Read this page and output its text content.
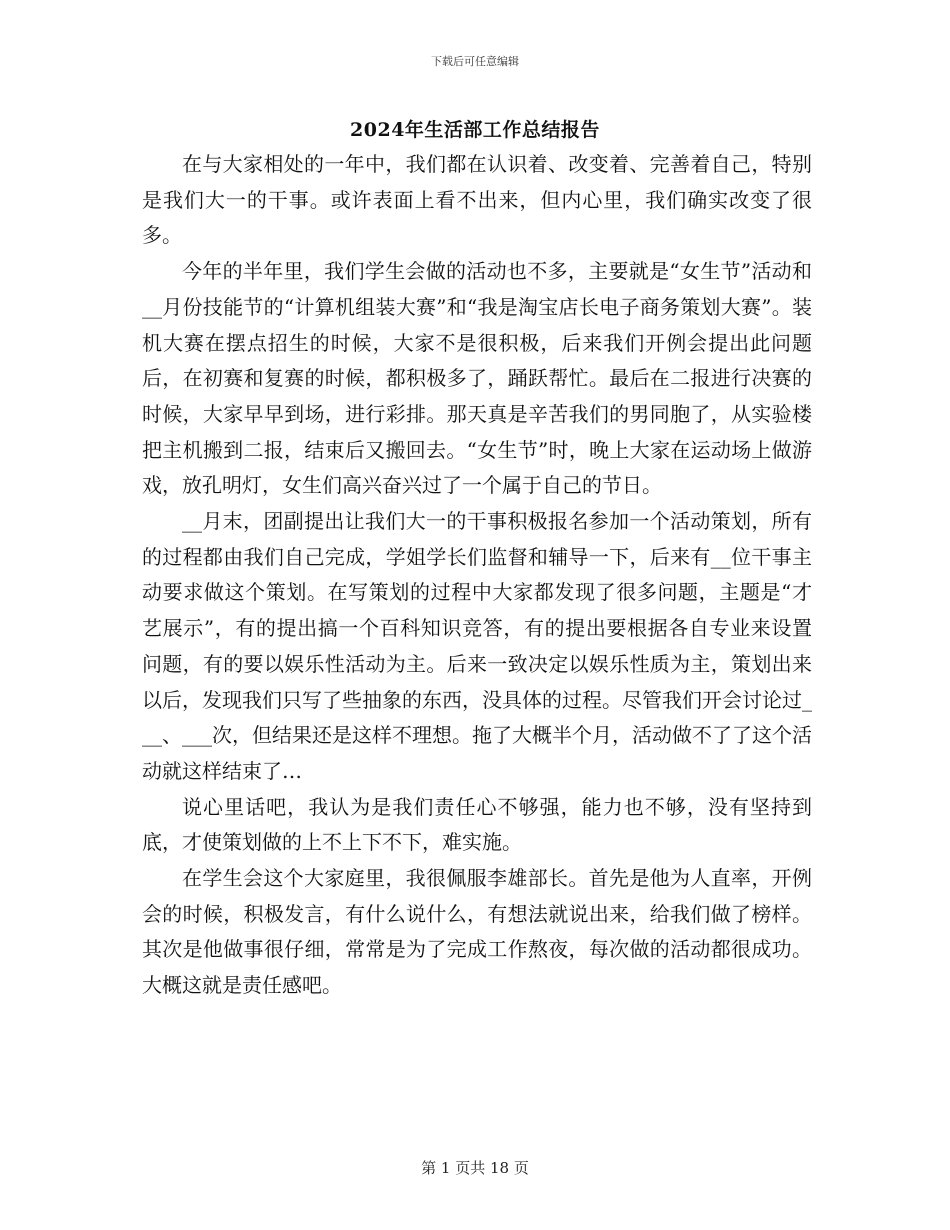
下载后可任意编辑
2024年生活部工作总结报告

在与大家相处的一年中，我们都在认识着、改变着、完善着自己，特别是我们大一的干事。或许表面上看不出来，但内心里，我们确实改变了很多。

今年的半年里，我们学生会做的活动也不多，主要就是“女生节”活动和__月份技能节的“计算机组装大赛”和“我是淘宝店长电子商务策划大赛”。装机大赛在摆点招生的时候，大家不是很积极，后来我们开例会提出此问题后，在初赛和复赛的时候，都积极多了，踊跃帮忙。最后在二报进行决赛的时候，大家早早到场，进行彩排。那天真是辛苦我们的男同胞了，从实验楼把主机搬到二报，结束后又搬回去。“女生节”时，晚上大家在运动场上做游戏，放孔明灯，女生们高兴奋兴过了一个属于自己的节日。

__月末，团副提出让我们大一的干事积极报名参加一个活动策划，所有的过程都由我们自己完成，学姐学长们监督和辅导一下，后来有__位干事主动要求做这个策划。在写策划的过程中大家都发现了很多问题，主题是“才艺展示”，有的提出搞一个百科知识竞答，有的提出要根据各自专业来设置问题，有的要以娱乐性活动为主。后来一致决定以娱乐性质为主，策划出来以后，发现我们只写了些抽象的东西，没具体的过程。尽管我们开会讨论过___、___次，但结果还是这样不理想。拖了大概半个月，活动做不了了这个活动就这样结束了…

说心里话吧，我认为是我们责任心不够强，能力也不够，没有坚持到底，才使策划做的上不上下不下，难实施。

在学生会这个大家庭里，我很佩服李雄部长。首先是他为人直率，开例会的时候，积极发言，有什么说什么，有想法就说出来，给我们做了榜样。其次是他做事很仔细，常常是为了完成工作熬夜，每次做的活动都很成功。大概这就是责任感吧。

第 1 页共 18 页
